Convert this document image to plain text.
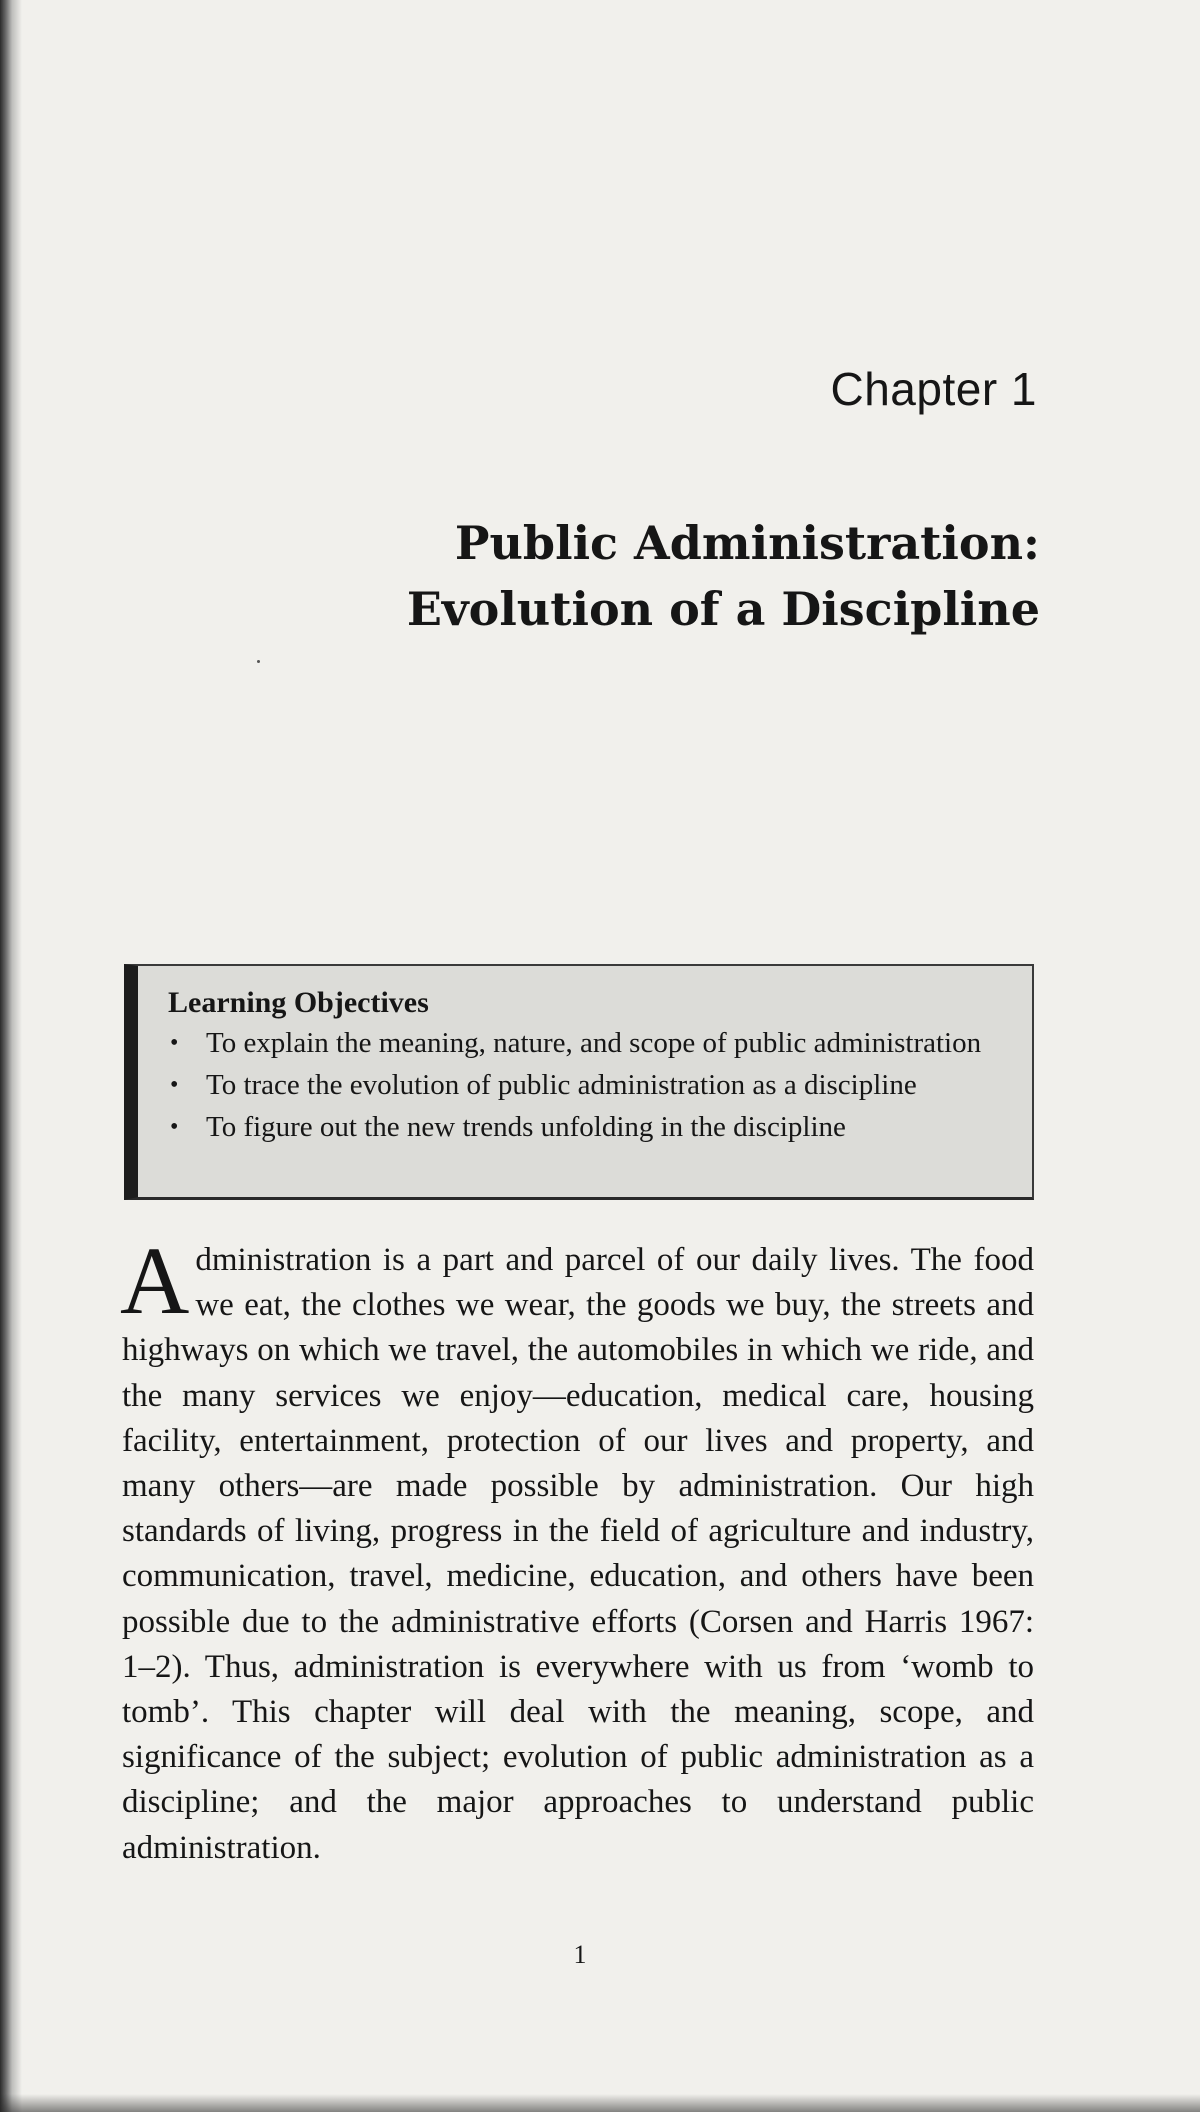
Chapter 1
Public Administration:
Evolution of a Discipline
Learning Objectives
• To explain the meaning, nature, and scope of public administration
• To trace the evolution of public administration as a discipline
• To figure out the new trends unfolding in the discipline

Administration is a part and parcel of our daily lives. The food we eat, the clothes we wear, the goods we buy, the streets and highways on which we travel, the automobiles in which we ride, and the many services we enjoy—education, medical care, housing facility, entertainment, protection of our lives and property, and many others—are made possible by administration. Our high standards of living, progress in the field of agriculture and industry, communication, travel, medicine, education, and others have been possible due to the administrative efforts (Corsen and Harris 1967: 1–2). Thus, administration is everywhere with us from ‘womb to tomb’. This chapter will deal with the meaning, scope, and significance of the subject; evolution of public administration as a discipline; and the major approaches to understand public administration.

1
